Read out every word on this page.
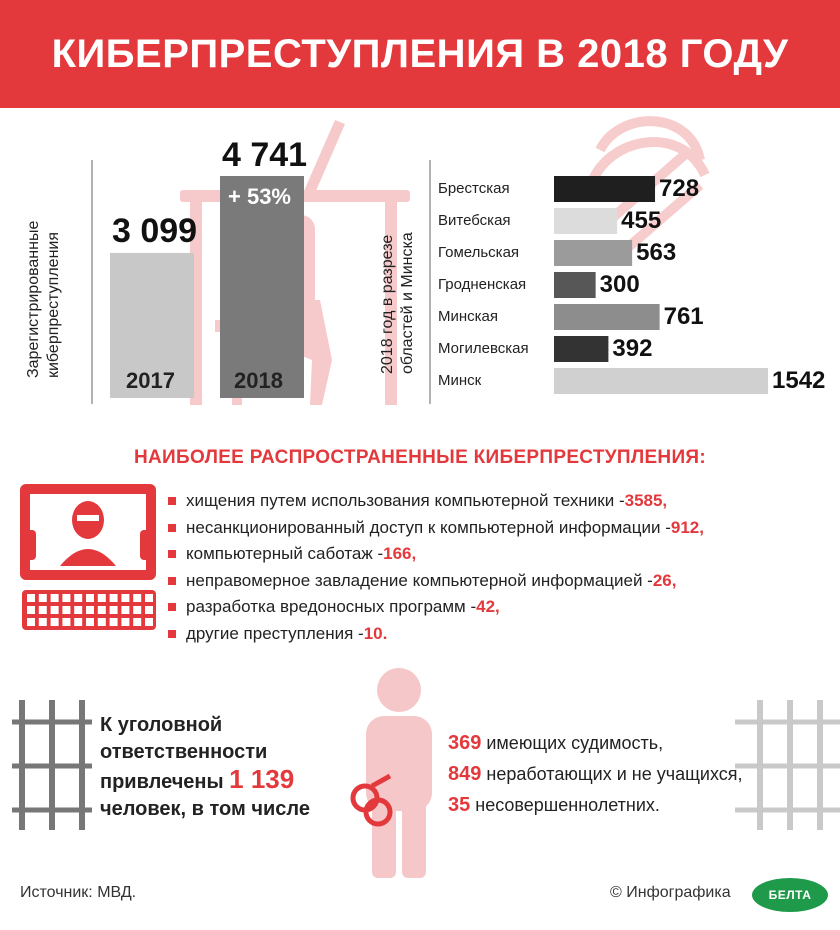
КИБЕРПРЕСТУПЛЕНИЯ В 2018 ГОДУ
Зарегистрированные киберпреступления	2018 год в разрезе областей и Минска
3 099
4 741
+ 53%
2017	2018
Брестская	728
Витебская	455
Гомельская	563
Гродненская	300
Минская	761
Могилевская	392
Минск	1542
НАИБОЛЕЕ РАСПРОСТРАНЕННЫЕ КИБЕРПРЕСТУПЛЕНИЯ:
хищения путем использования компьютерной техники - 3585,
несанкционированный доступ к компьютерной информации - 912,
компьютерный саботаж - 166,
неправомерное завладение компьютерной информацией - 26,
разработка вредоносных программ - 42,
другие преступления - 10.
К уголовной
ответственности
привлечены 1 139
человек, в том числе
369 имеющих судимость,
849 неработающих и не учащихся,
35 несовершеннолетних.
Источник: МВД.	© Инфографика	БЕЛТА
